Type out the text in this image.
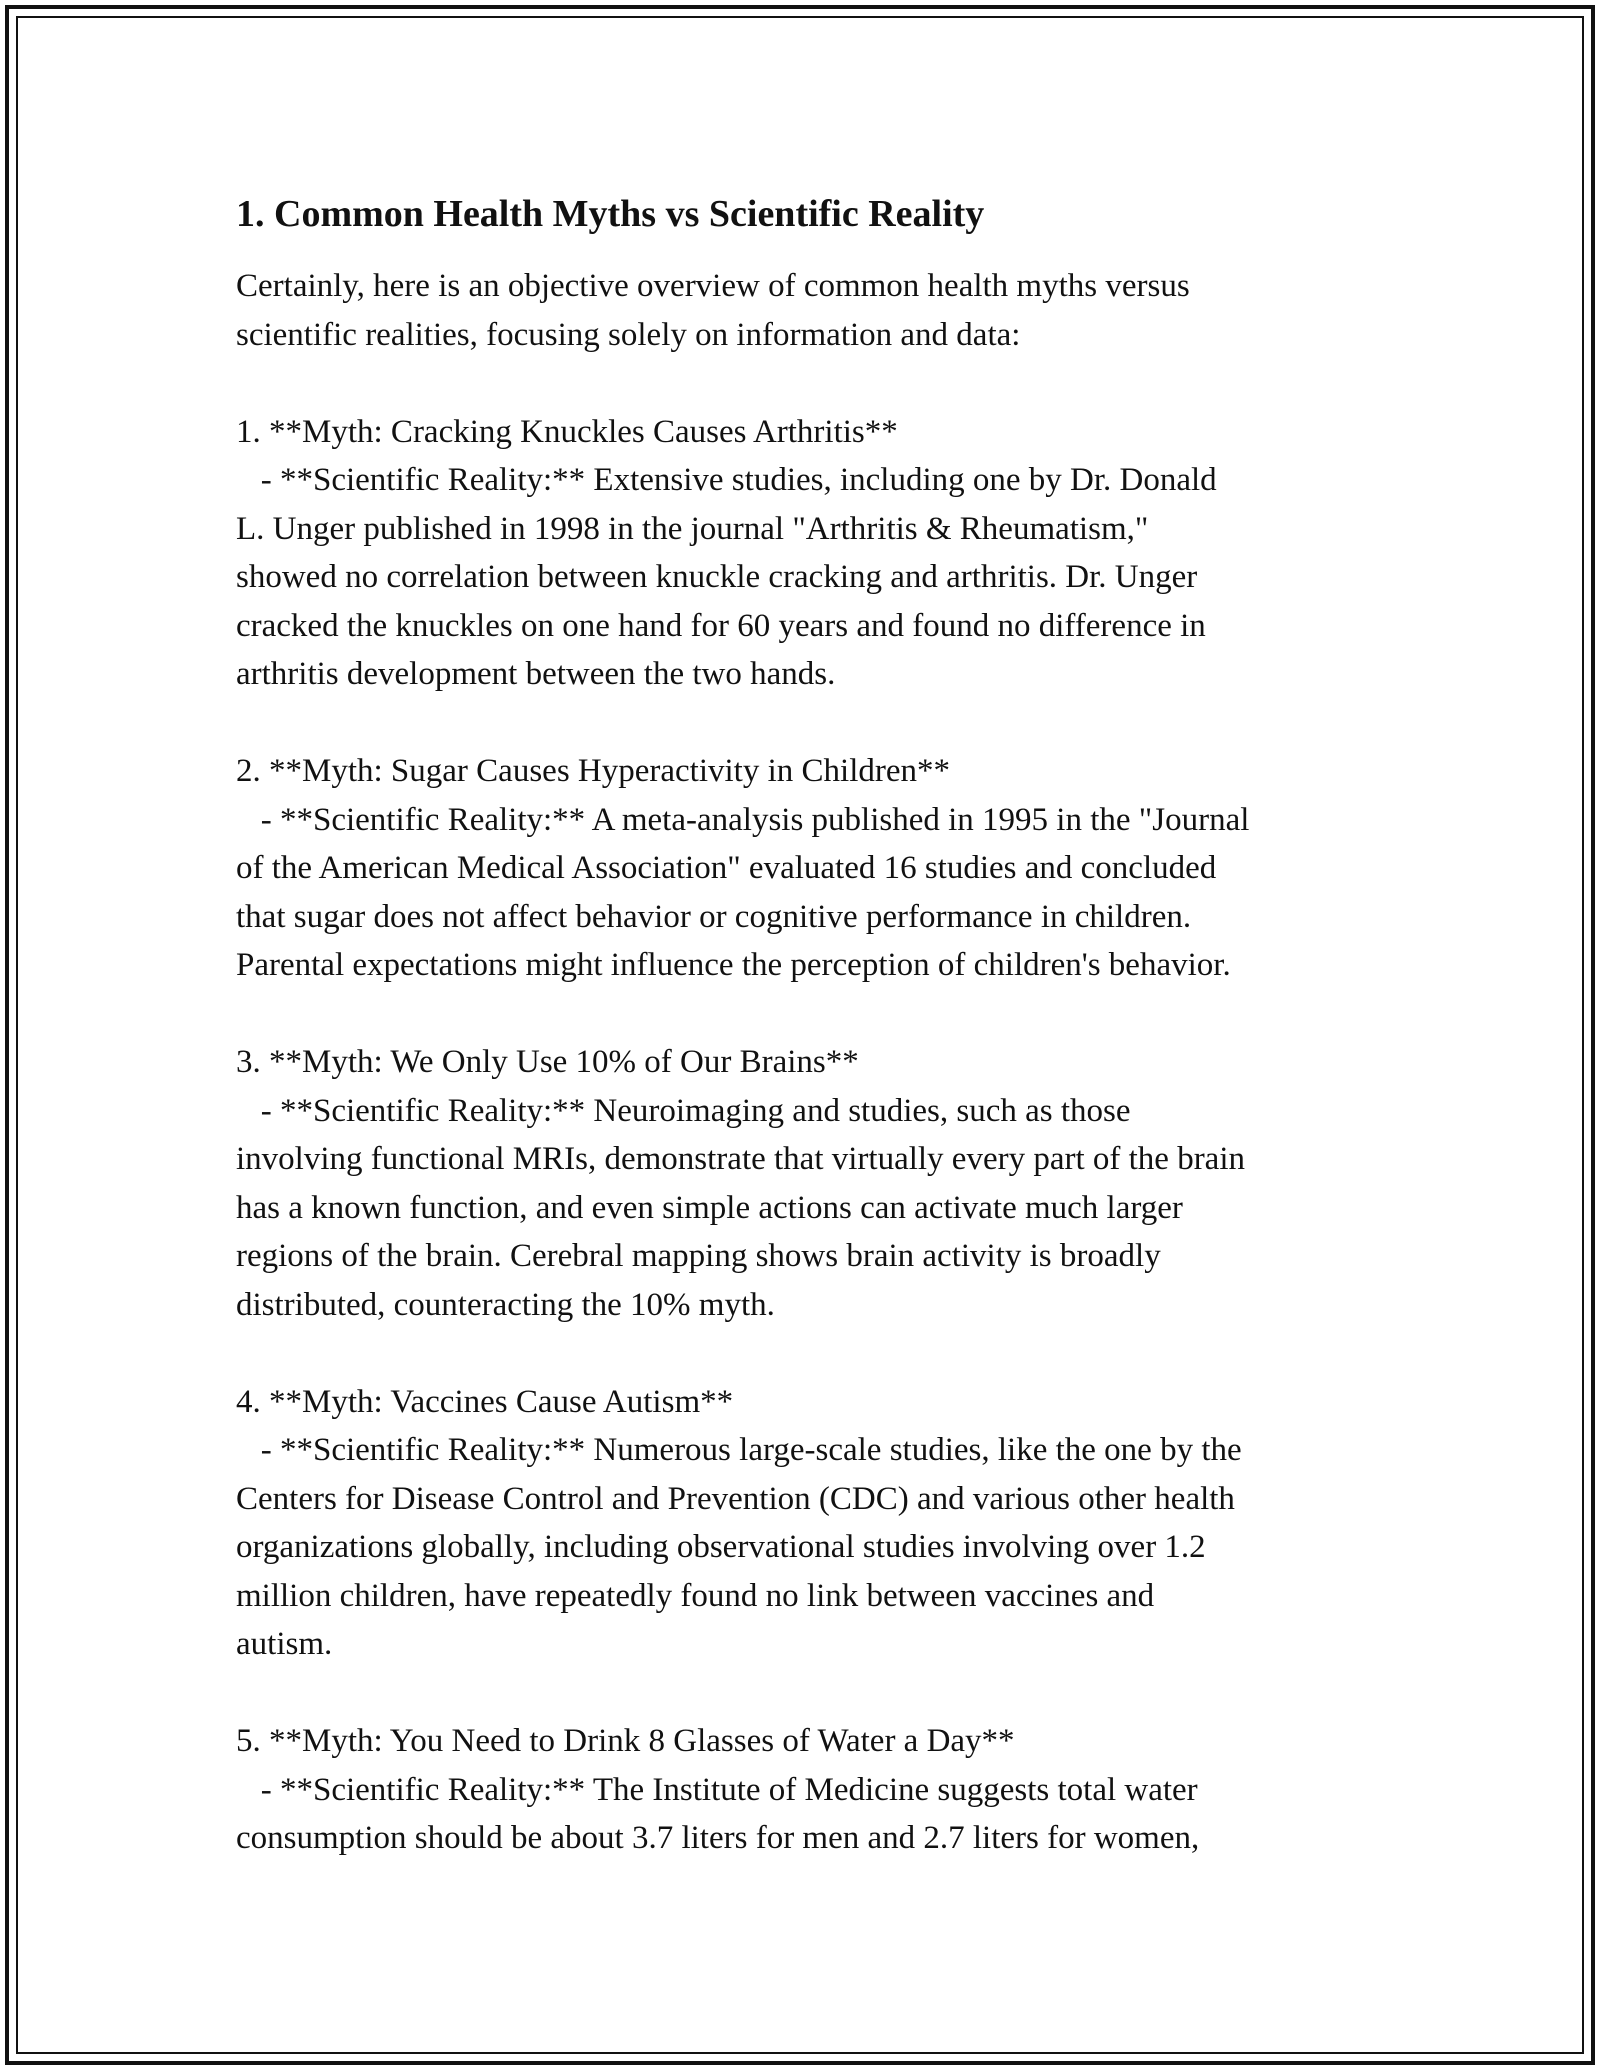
1. Common Health Myths vs Scientific Reality

Certainly, here is an objective overview of common health myths versus
scientific realities, focusing solely on information and data:

1. **Myth: Cracking Knuckles Causes Arthritis**

- **Scientific Reality:** Extensive studies, including one by Dr. Donald
L. Unger published in 1998 in the journal "Arthritis & Rheumatism,"
showed no correlation between knuckle cracking and arthritis. Dr. Unger
cracked the knuckles on one hand for 60 years and found no difference in
arthritis development between the two hands.

2. **Myth: Sugar Causes Hyperactivity in Children**

- **Scientific Reality:** A meta-analysis published in 1995 in the "Journal
of the American Medical Association" evaluated 16 studies and concluded
that sugar does not affect behavior or cognitive performance in children.
Parental expectations might influence the perception of children's behavior.

3. **Myth: We Only Use 10% of Our Brains**

- **Scientific Reality:** Neuroimaging and studies, such as those
involving functional MRIs, demonstrate that virtually every part of the brain
has a known function, and even simple actions can activate much larger
regions of the brain. Cerebral mapping shows brain activity is broadly
distributed, counteracting the 10% myth.

4. **Myth: Vaccines Cause Autism**

- **Scientific Reality:** Numerous large-scale studies, like the one by the
Centers for Disease Control and Prevention (CDC) and various other health
organizations globally, including observational studies involving over 1.2
million children, have repeatedly found no link between vaccines and
autism.

5. **Myth: You Need to Drink 8 Glasses of Water a Day**

- **Scientific Reality:** The Institute of Medicine suggests total water
consumption should be about 3.7 liters for men and 2.7 liters for women,
